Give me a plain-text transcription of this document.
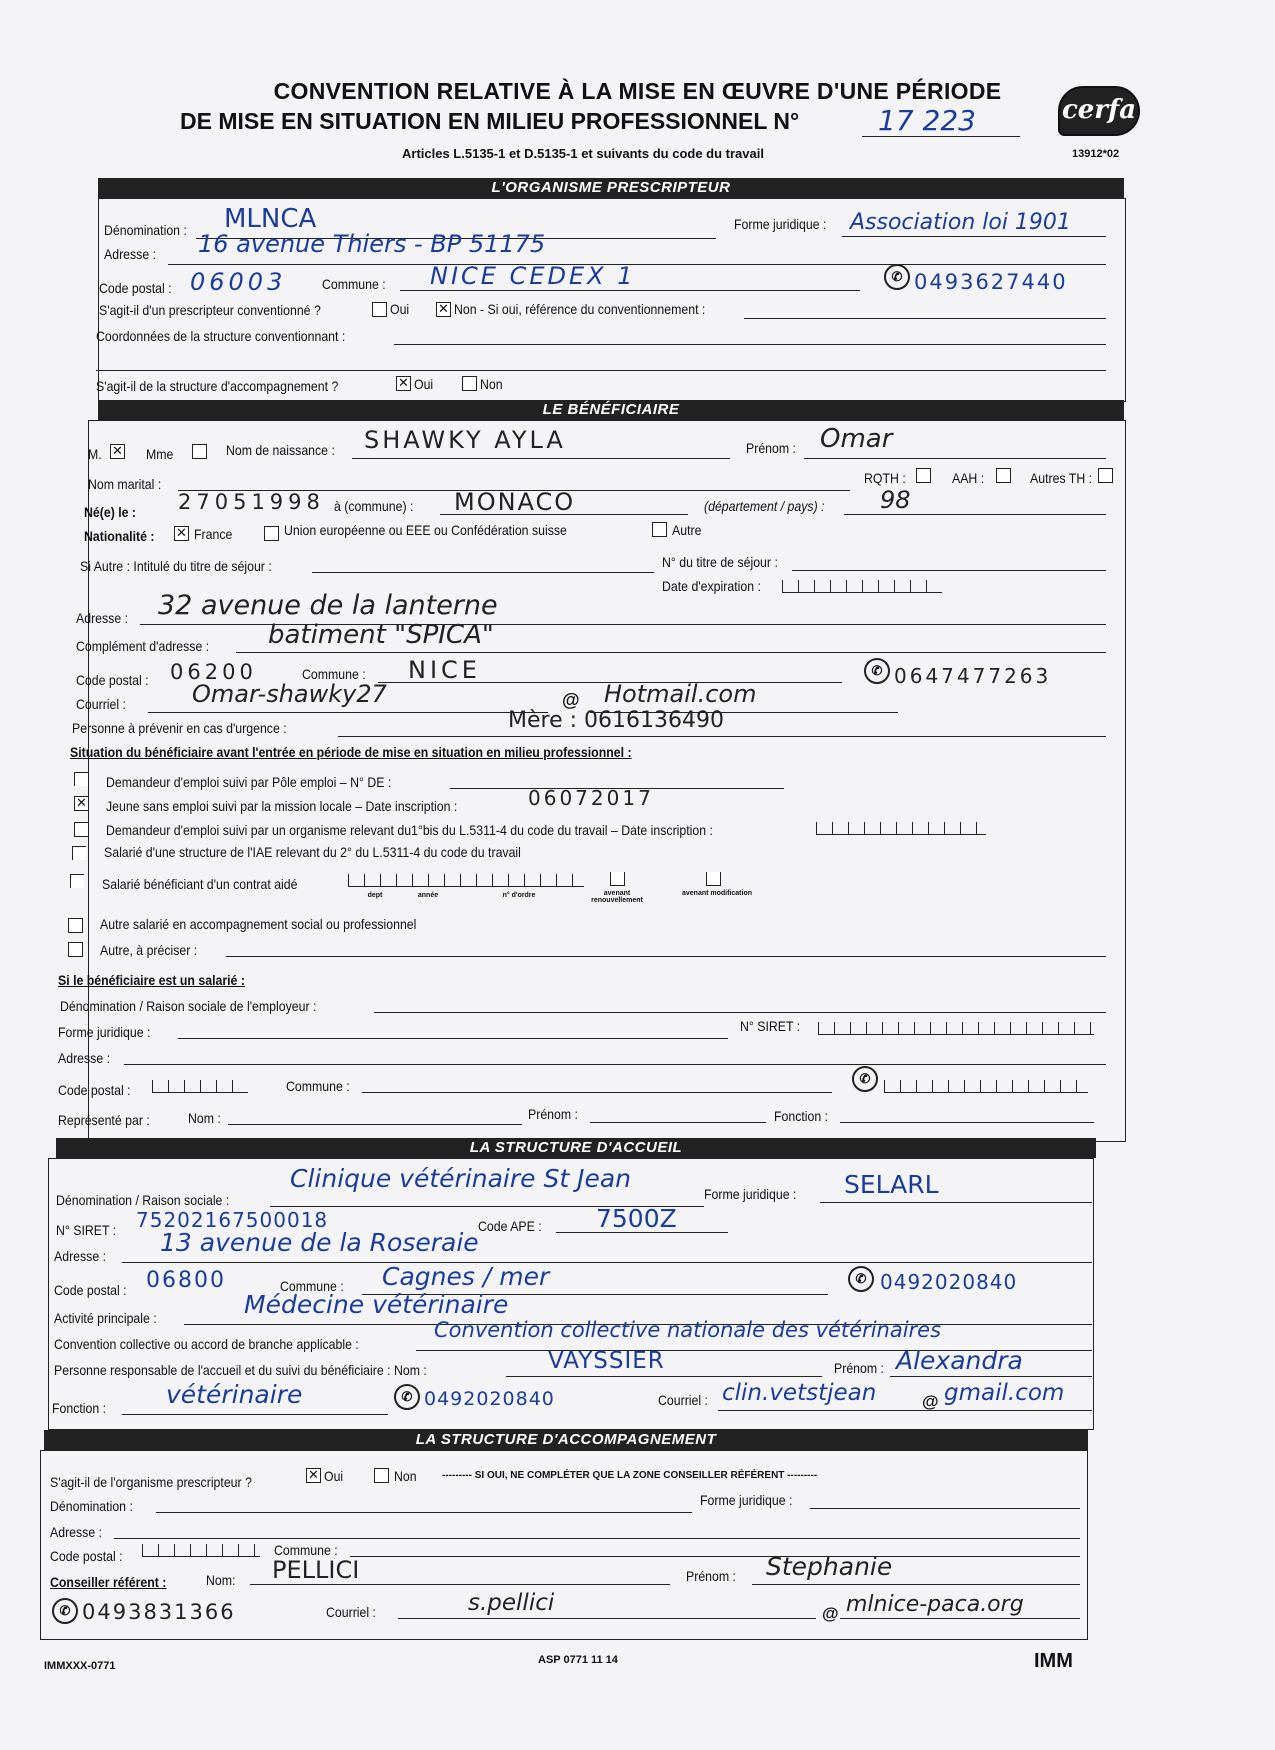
CONVENTION RELATIVE À LA MISE EN ŒUVRE D'UNE PÉRIODE
DE MISE EN SITUATION EN MILIEU PROFESSIONNEL N°	17 223
Articles L.5135-1 et D.5135-1 et suivants du code du travail
cerfa
13912*02
L'ORGANISME PRESCRIPTEUR
Dénomination : MLNCA	Forme juridique : Association loi 1901
Adresse : 16 avenue Thiers - BP 51175
Code postal : 06003	Commune : NICE CEDEX 1	✆ 0493627440
S'agit-il d'un prescripteur conventionné ?	Oui ✕ Non - Si oui, référence du conventionnement :
Coordonnées de la structure conventionnant :
S'agit-il de la structure d'accompagnement ?	✕ Oui	Non
LE BÉNÉFICIAIRE
M. ✕ Mme	Nom de naissance : SHAWKY AYLA	Prénom : Omar
Nom marital :	RQTH :	AAH :	Autres TH :
Né(e) le : 27051998 à (commune) : MONACO	(département / pays) : 98
Nationalité : ✕ France	Union européenne ou EEE ou Confédération suisse	Autre
Si Autre : Intitulé du titre de séjour :	N° du titre de séjour :
Date d'expiration :
Adresse : 32 avenue de la lanterne
Complément d'adresse : batiment "SPICA"
Code postal : 06200	Commune : NICE	✆ 0647477263
Courriel :	Omar-shawky27	@ Hotmail.com
Personne à prévenir en cas d'urgence :	Mère : 0616136490
Situation du bénéficiaire avant l'entrée en période de mise en situation en milieu professionnel :
Demandeur d'emploi suivi par Pôle emploi – N° DE :
✕ Jeune sans emploi suivi par la mission locale – Date inscription :	06072017
Demandeur d'emploi suivi par un organisme relevant du1°bis du L.5311-4 du code du travail – Date inscription :
Salarié d'une structure de l'IAE relevant du 2° du L.5311-4 du code du travail
Salarié bénéficiant d'un contrat aidé
dept	année	n° d'ordre	avenant renouvellement
avenant modification
Autre salarié en accompagnement social ou professionnel
Autre, à préciser :
Si le bénéficiaire est un salarié :
Dénomination / Raison sociale de l'employeur :
Forme juridique :	N° SIRET :
Adresse :
Code postal :	Commune :	✆
Représenté par :	Nom :	Prénom :	Fonction :
LA STRUCTURE D'ACCUEIL
Dénomination / Raison sociale :
Clinique vétérinaire St Jean
Forme juridique : SELARL
N° SIRET : 75202167500018	Code APE : 7500Z
Adresse : 13 avenue de la Roseraie
Code postal : 06800	Commune : Cagnes / mer	✆ 0492020840
Activité principale :	Médecine vétérinaire
Convention collective ou accord de branche applicable :
Convention collective nationale des vétérinaires
Personne responsable de l'accueil et du suivi du bénéficiaire : Nom :	VAYSSIER	Prénom : Alexandra
Fonction : vétérinaire	✆ 0492020840	Courriel : clin.vetstjean	@ gmail.com
LA STRUCTURE D'ACCOMPAGNEMENT
S'agit-il de l'organisme prescripteur ?	✕ Oui	Non	--------- SI OUI, NE COMPLÉTER QUE LA ZONE CONSEILLER RÉFÉRENT ---------
Dénomination :	Forme juridique :
Adresse :
Code postal :	Commune :
Conseiller référent :	Nom: PELLICI	Prénom : Stephanie
✆ 0493831366	Courriel :	s.pellici	@ mlnice-paca.org
IMMXXX-0771	ASP 0771 11 14	IMM
